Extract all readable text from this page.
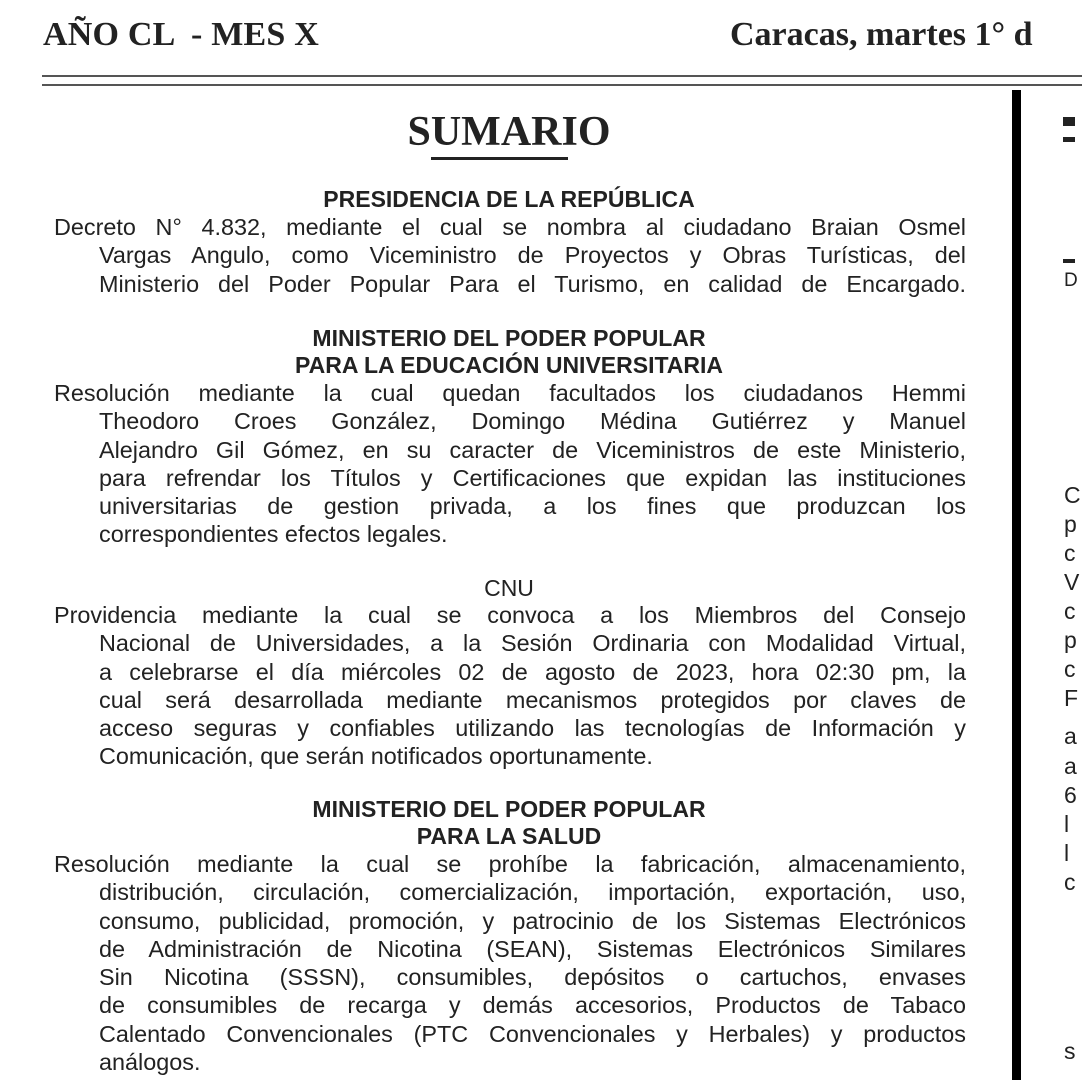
AÑO CL  - MES X	Caracas, martes 1° d
SUMARIO
PRESIDENCIA DE LA REPÚBLICA
Decreto N° 4.832, mediante el cual se nombra al ciudadano Braian Osmel
Vargas Angulo, como Viceministro de Proyectos y Obras Turísticas, del
Ministerio del Poder Popular Para el Turismo, en calidad de Encargado.
MINISTERIO DEL PODER POPULAR
PARA LA EDUCACIÓN UNIVERSITARIA
Resolución mediante la cual quedan facultados los ciudadanos Hemmi
Theodoro Croes González, Domingo Médina Gutiérrez y Manuel
Alejandro Gil Gómez, en su caracter de Viceministros de este Ministerio,
para refrendar los Títulos y Certificaciones que expidan las instituciones
universitarias de gestion privada, a los fines que produzcan los
correspondientes efectos legales.
CNU
Providencia mediante la cual se convoca a los Miembros del Consejo
Nacional de Universidades, a la Sesión Ordinaria con Modalidad Virtual,
a celebrarse el día miércoles 02 de agosto de 2023, hora 02:30 pm, la
cual será desarrollada mediante mecanismos protegidos por claves de
acceso seguras y confiables utilizando las tecnologías de Información y
Comunicación, que serán notificados oportunamente.
MINISTERIO DEL PODER POPULAR
PARA LA SALUD
Resolución mediante la cual se prohíbe la fabricación, almacenamiento,
distribución, circulación, comercialización, importación, exportación, uso,
consumo, publicidad, promoción, y patrocinio de los Sistemas Electrónicos
de Administración de Nicotina (SEAN), Sistemas Electrónicos Similares
Sin Nicotina (SSSN), consumibles, depósitos o cartuchos, envases
de consumibles de recarga y demás accesorios, Productos de Tabaco
Calentado Convencionales (PTC Convencionales y Herbales) y productos
análogos.
D
C
p
c
V
c
p
c
F
a
a
6
l
l
c
s
